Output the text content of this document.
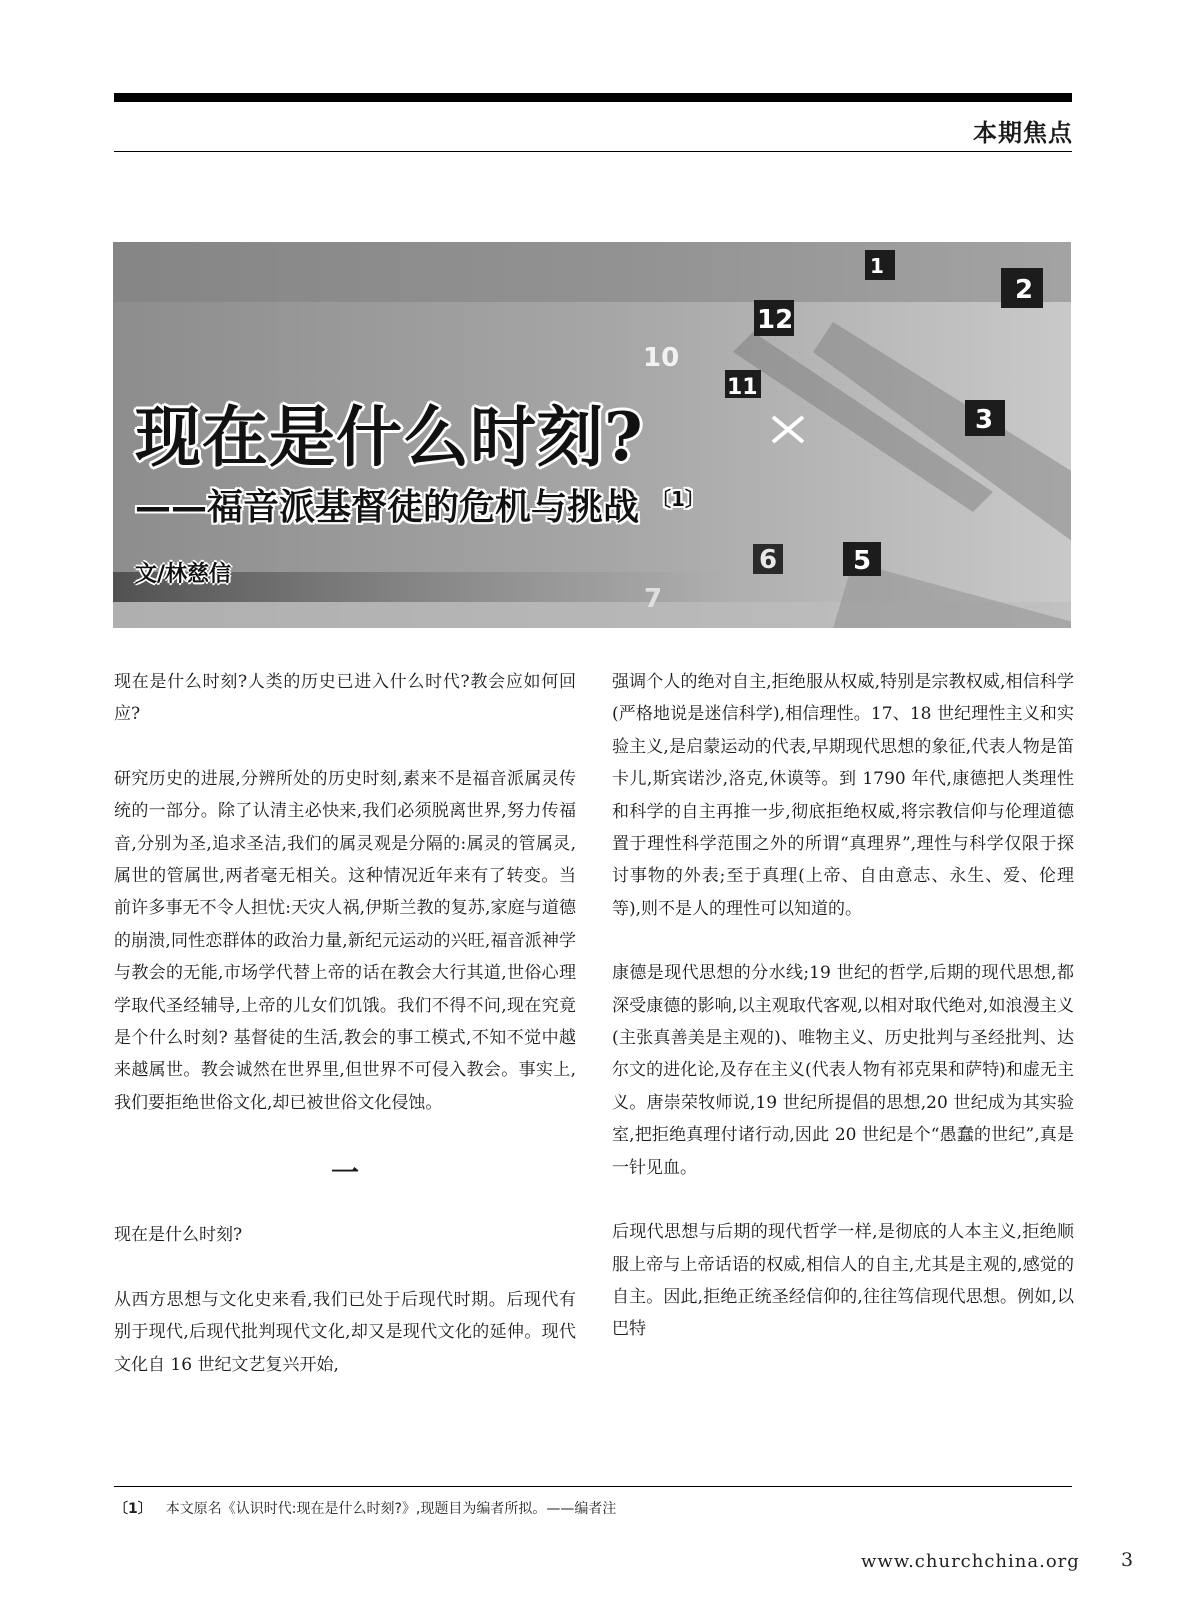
本期焦点
1
2
12
10
11
3
5
6
7
现在是什么时刻?
——福音派基督徒的危机与挑战 $^{〔1〕}$
文/林慈信

现在是什么时刻?人类的历史已进入什么时代?教会应如何回应?

研究历史的进展,分辨所处的历史时刻,素来不是福音派属灵传统的一部分。除了认清主必快来,我们必须脱离世界,努力传福音,分别为圣,追求圣洁,我们的属灵观是分隔的:属灵的管属灵,属世的管属世,两者毫无相关。这种情况近年来有了转变。当前许多事无不令人担忧:天灾人祸,伊斯兰教的复苏,家庭与道德的崩溃,同性恋群体的政治力量,新纪元运动的兴旺,福音派神学与教会的无能,市场学代替上帝的话在教会大行其道,世俗心理学取代圣经辅导,上帝的儿女们饥饿。我们不得不问,现在究竟是个什么时刻? 基督徒的生活,教会的事工模式,不知不觉中越来越属世。教会诚然在世界里,但世界不可侵入教会。事实上,我们要拒绝世俗文化,却已被世俗文化侵蚀。

一

现在是什么时刻?

从西方思想与文化史来看,我们已处于后现代时期。后现代有别于现代,后现代批判现代文化,却又是现代文化的延伸。现代文化自 16 世纪文艺复兴开始,

强调个人的绝对自主,拒绝服从权威,特别是宗教权威,相信科学(严格地说是迷信科学),相信理性。17、18 世纪理性主义和实验主义,是启蒙运动的代表,早期现代思想的象征,代表人物是笛卡儿,斯宾诺沙,洛克,休谟等。到 1790 年代,康德把人类理性和科学的自主再推一步,彻底拒绝权威,将宗教信仰与伦理道德置于理性科学范围之外的所谓“真理界”,理性与科学仅限于探讨事物的外表;至于真理(上帝、自由意志、永生、爱、伦理等),则不是人的理性可以知道的。

康德是现代思想的分水线;19 世纪的哲学,后期的现代思想,都深受康德的影响,以主观取代客观,以相对取代绝对,如浪漫主义(主张真善美是主观的)、唯物主义、历史批判与圣经批判、达尔文的进化论,及存在主义(代表人物有祁克果和萨特)和虚无主义。唐崇荣牧师说,19 世纪所提倡的思想,20 世纪成为其实验室,把拒绝真理付诸行动,因此 20 世纪是个“愚蠢的世纪”,真是一针见血。

后现代思想与后期的现代哲学一样,是彻底的人本主义,拒绝顺服上帝与上帝话语的权威,相信人的自主,尤其是主观的,感觉的自主。因此,拒绝正统圣经信仰的,往往笃信现代思想。例如,以巴特

〔1〕 本文原名《认识时代:现在是什么时刻?》,现题目为编者所拟。——编者注
www.churchchina.org 3
